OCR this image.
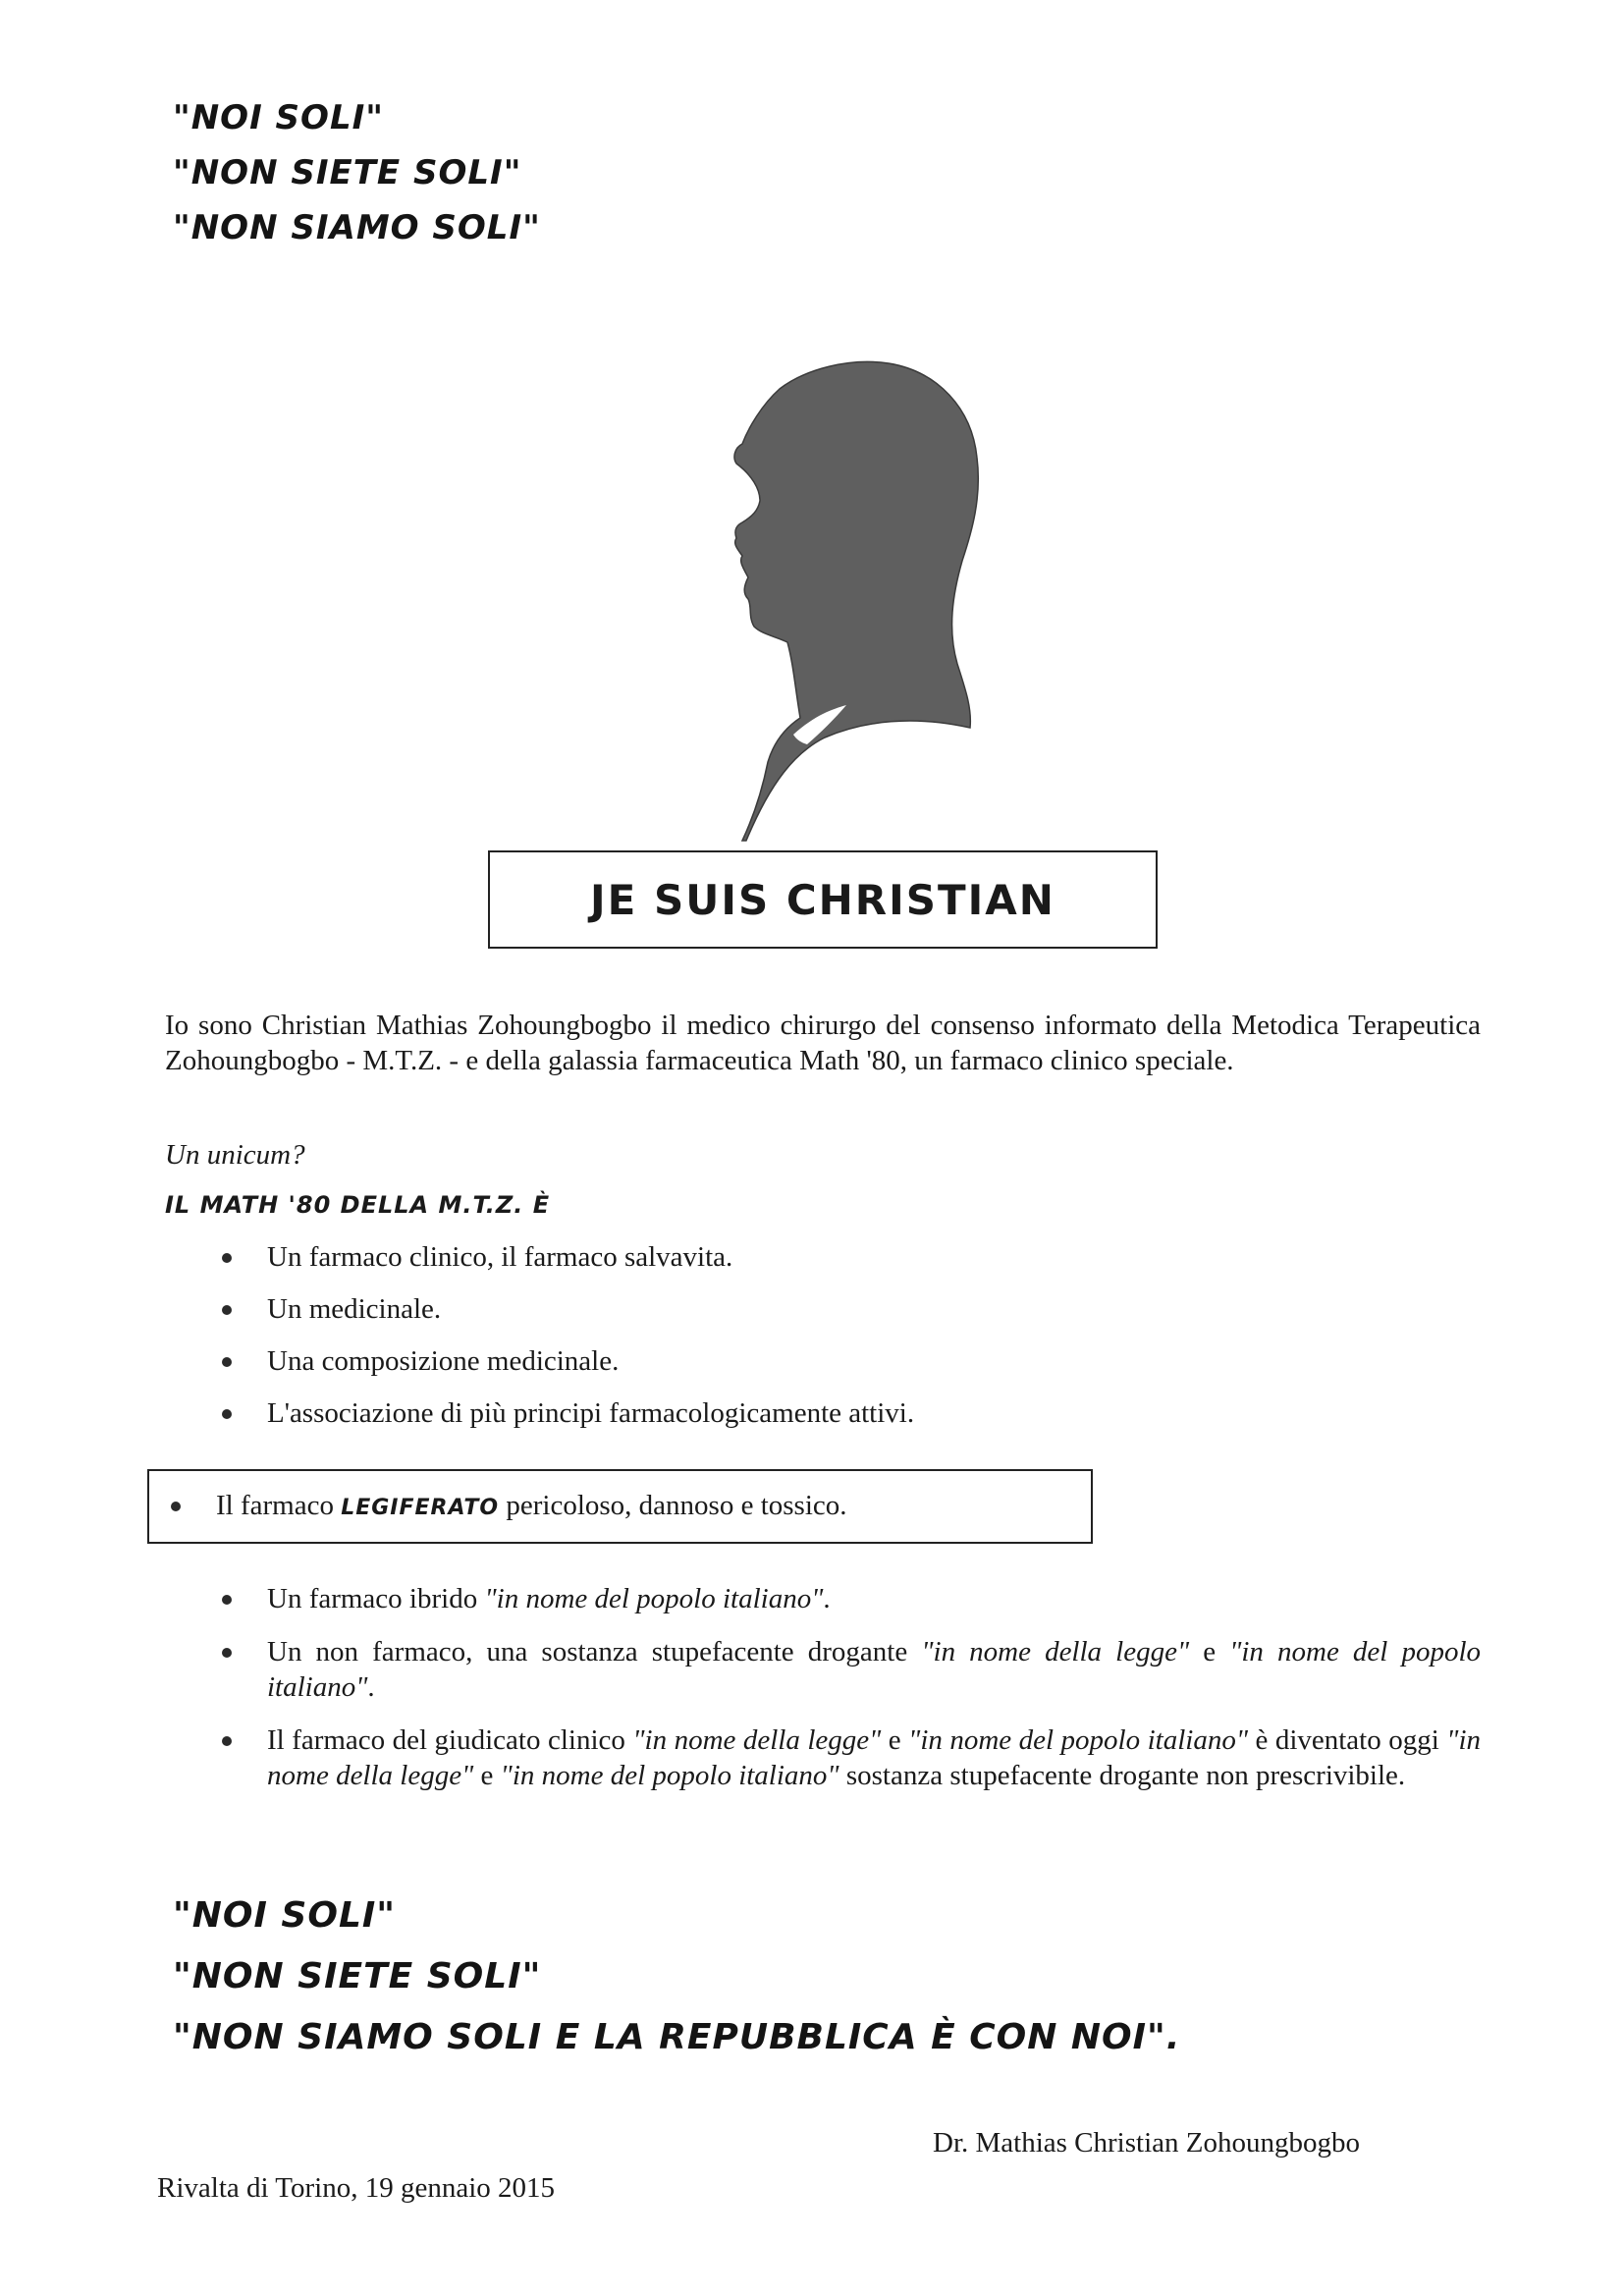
"NOI SOLI"
"NON SIETE SOLI"
"NON SIAMO SOLI"
JE SUIS CHRISTIAN

Io sono Christian Mathias Zohoungbogbo il medico chirurgo del consenso informato della Metodica Terapeutica Zohoungbogbo - M.T.Z. - e della galassia farmaceutica Math '80, un farmaco clinico speciale.

Un unicum?
IL MATH '80 DELLA M.T.Z. È
Un farmaco clinico, il farmaco salvavita.
Un medicinale.
Una composizione medicinale.
L'associazione di più principi farmacologicamente attivi.
Il farmaco LEGIFERATO pericoloso, dannoso e tossico.
Un farmaco ibrido "in nome del popolo italiano".
Un non farmaco, una sostanza stupefacente drogante "in nome della legge" e "in nome del popolo italiano".
Il farmaco del giudicato clinico "in nome della legge" e "in nome del popolo italiano" è diventato oggi "in nome della legge" e "in nome del popolo italiano" sostanza stupefacente drogante non prescrivibile.
"NOI SOLI"
"NON SIETE SOLI"
"NON SIAMO SOLI E LA REPUBBLICA È CON NOI".
Dr. Mathias Christian Zohoungbogbo
Rivalta di Torino, 19 gennaio 2015
